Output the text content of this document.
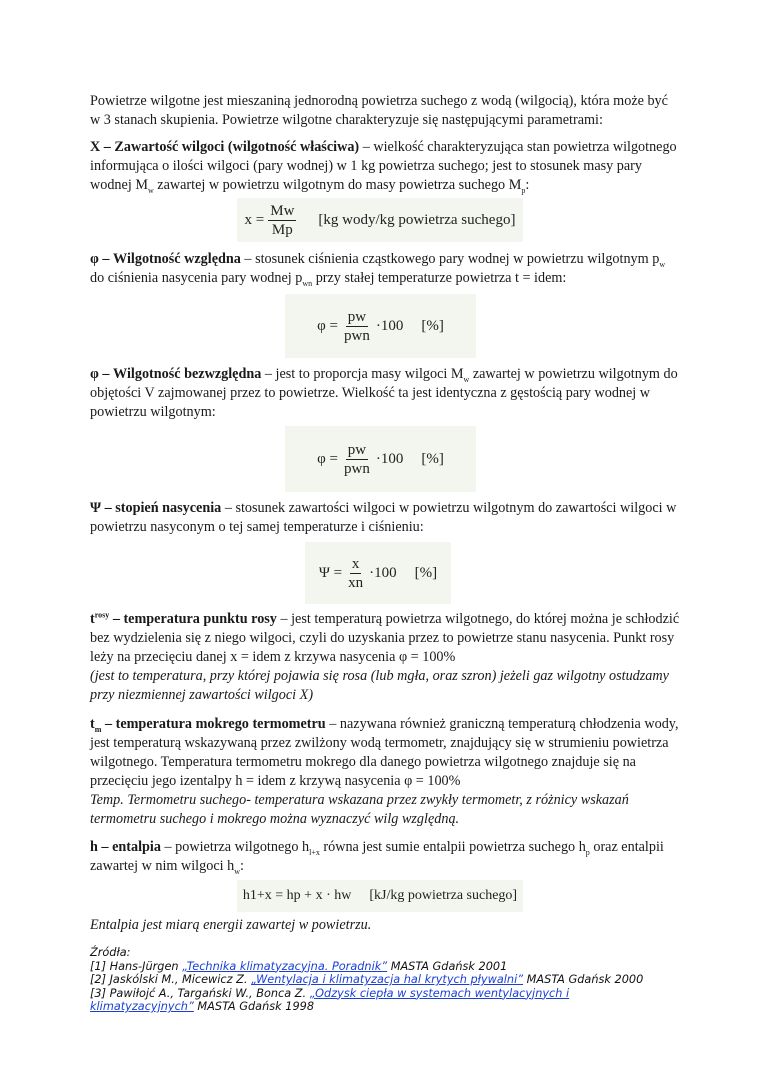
Powietrze wilgotne jest mieszaniną jednorodną powietrza suchego z wodą (wilgocią), która może być w 3 stanach skupienia. Powietrze wilgotne charakteryzuje się następującymi parametrami:

X – Zawartość wilgoci (wilgotność właściwa) – wielkość charakteryzująca stan powietrza wilgotnego informująca o ilości wilgoci (pary wodnej) w 1 kg powietrza suchego; jest to stosunek masy pary wodnej $M_w$ zawartej w powietrzu wilgotnym do masy powietrza suchego $M_p$:

$x = \frac{Mw}{Mp} [kg$ wody/kg powietrza suchego]

φ – Wilgotność względna – stosunek ciśnienia cząstkowego pary wodnej w powietrzu wilgotnym $p_w$ do ciśnienia nasycenia pary wodnej $p_{wn}$ przy stałej temperaturze powietrza t = idem:

$\varphi = \frac{pw}{\text{pwn}} \cdot 100$ [%]

φ – Wilgotność bezwzględna – jest to proporcja masy wilgoci $M_w$ zawartej w powietrzu wilgotnym do objętości V zajmowanej przez to powietrze. Wielkość ta jest identyczna z gęstością pary wodnej w powietrzu wilgotnym:

$\varphi = \frac{pw}{\text{pwn}} \cdot 100$ [%]

Ψ – stopień nasycenia – stosunek zawartości wilgoci w powietrzu wilgotnym do zawartości wilgoci w powietrzu nasyconym o tej samej temperaturze i ciśnieniu:

$\Psi = \frac{x}{xn} \cdot 100$ [%]

$t^{rosy}$ – temperatura punktu rosy – jest temperaturą powietrza wilgotnego, do której można je schłodzić bez wydzielenia się z niego wilgoci, czyli do uzyskania przez to powietrze stanu nasycenia. Punkt rosy leży na przecięciu danej x = idem z krzywa nasycenia φ = 100%
(jest to temperatura, przy której pojawia się rosa (lub mgła, oraz szron) jeżeli gaz wilgotny ostudzamy przy niezmiennej zawartości wilgoci X)

$t_m$ – temperatura mokrego termometru – nazywana również graniczną temperaturą chłodzenia wody, jest temperaturą wskazywaną przez zwilżony wodą termometr, znajdujący się w strumieniu powietrza wilgotnego. Temperatura termometru mokrego dla danego powietrza wilgotnego znajduje się na przecięciu jego izentalpy h = idem z krzywą nasycenia φ = 100%
Temp. Termometru suchego- temperatura wskazana przez zwykły termometr, z różnicy wskazań termometru suchego i mokrego można wyznaczyć wilg względną.

h – entalpia – powietrza wilgotnego $h_{l+x}$ równa jest sumie entalpii powietrza suchego $h_p$ oraz entalpii zawartej w nim wilgoci $h_w$:

h1+x = hp + x · hw [kJ/kg powietrza suchego]

Entalpia jest miarą energii zawartej w powietrzu.

Źródła:
[1] Hans-Jürgen „Technika klimatyzacyjna. Poradnik” MASTA Gdańsk 2001
[2] Jaskólski M., Micewicz Z. „Wentylacja i klimatyzacja hal krytych pływalni” MASTA Gdańsk 2000
[3] Pawiłojć A., Targański W., Bonca Z. „Odzysk ciepła w systemach wentylacyjnych i klimatyzacyjnych” MASTA Gdańsk 1998
